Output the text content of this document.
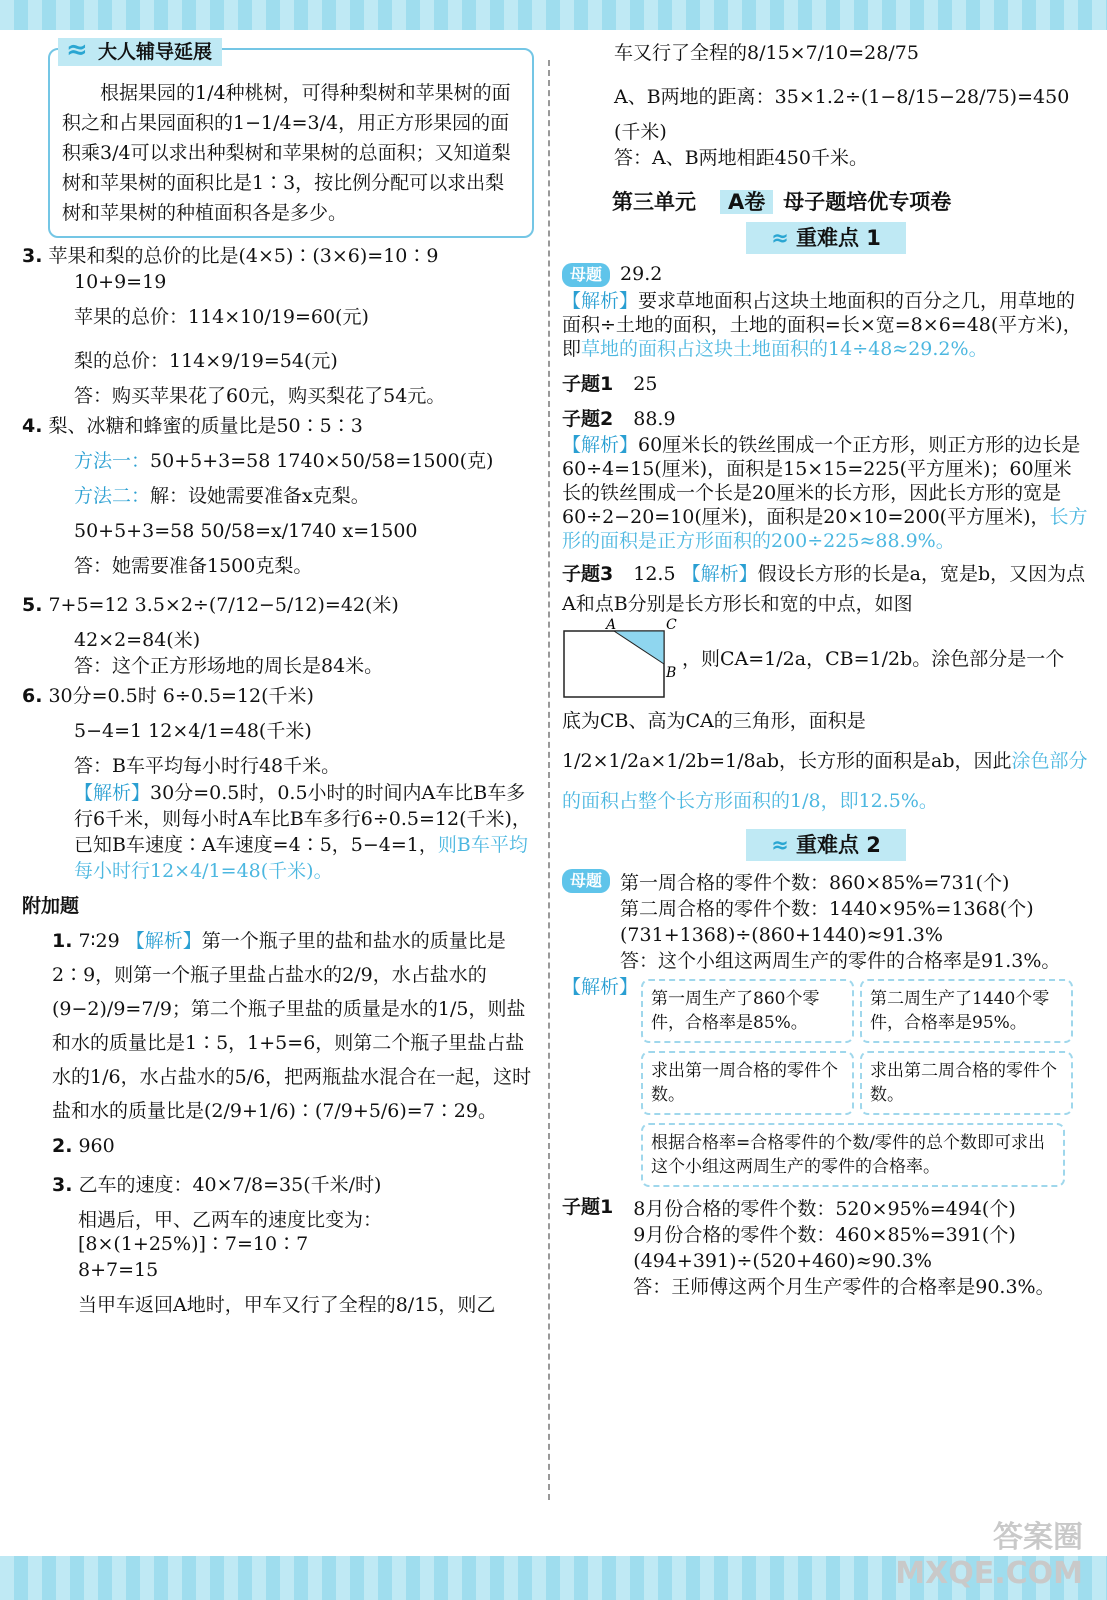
≈ 大人辅导延展

根据果园的1/4种桃树，可得种梨树和苹果树的面积之和占果园面积的1−1/4=3/4，用正方形果园的面积乘3/4可以求出种梨树和苹果树的总面积；又知道梨树和苹果树的面积比是1∶3，按比例分配可以求出梨树和苹果树的种植面积各是多少。

3. 苹果和梨的总价的比是(4×5)∶(3×6)=10∶9
10+9=19
苹果的总价：114×10/19=60(元)
梨的总价：114×9/19=54(元)
答：购买苹果花了60元，购买梨花了54元。
4. 梨、冰糖和蜂蜜的质量比是50∶5∶3
方法一：50+5+3=58 1740×50/58=1500(克)
方法二：解：设她需要准备x克梨。
50+5+3=58 50/58=x/1740 x=1500
答：她需要准备1500克梨。
5. 7+5=12 3.5×2÷(7/12−5/12)=42(米)
42×2=84(米)
答：这个正方形场地的周长是84米。
6. 30分=0.5时 6÷0.5=12(千米)
5−4=1 12×4/1=48(千米)
答：B车平均每小时行48千米。
【解析】30分=0.5时，0.5小时的时间内A车比B车多行6千米，则每小时A车比B车多行6÷0.5=12(千米)，已知B车速度∶A车速度=4∶5，5−4=1，则B车平均每小时行12×4/1=48(千米)。
附加题
1. 7∶29 【解析】第一个瓶子里的盐和盐水的质量比是2∶9，则第一个瓶子里盐占盐水的2/9，水占盐水的(9−2)/9=7/9；第二个瓶子里盐的质量是水的1/5，则盐和水的质量比是1∶5，1+5=6，则第二个瓶子里盐占盐水的1/6，水占盐水的5/6，把两瓶盐水混合在一起，这时盐和水的质量比是(2/9+1/6)∶(7/9+5/6)=7∶29。
2. 960
3. 乙车的速度：40×7/8=35(千米/时)
相遇后，甲、乙两车的速度比变为：[8×(1+25%)]∶7=10∶7
8+7=15
当甲车返回A地时，甲车又行了全程的8/15，则乙
车又行了全程的8/15×7/10=28/75
A、B两地的距离：35×1.2÷(1−8/15−28/75)=450
(千米)
答：A、B两地相距450千米。
第三单元 A卷 母子题培优专项卷
≈ 重难点 1
母题 29.2
【解析】要求草地面积占这块土地面积的百分之几，用草地的面积÷土地的面积，土地的面积=长×宽=8×6=48(平方米)，即草地的面积占这块土地面积的14÷48≈29.2%。
子题1 25
子题2 88.9
【解析】60厘米长的铁丝围成一个正方形，则正方形的边长是60÷4=15(厘米)，面积是15×15=225(平方厘米)；60厘米长的铁丝围成一个长是20厘米的长方形，因此长方形的宽是60÷2−20=10(厘米)，面积是20×10=200(平方厘米)，长方形的面积是正方形面积的200÷225≈88.9%。
子题3 12.5 【解析】假设长方形的长是a，宽是b，又因为点A和点B分别是长方形长和宽的中点，如图
A	C
B
，则CA=1/2a，CB=1/2b。涂色部分是一个
底为CB、高为CA的三角形，面积是1/2×1/2a×1/2b=1/8ab，长方形的面积是ab，因此涂色部分的面积占整个长方形面积的1/8，即12.5%。
≈ 重难点 2
母题 第一周合格的零件个数：860×85%=731(个)
第二周合格的零件个数：1440×95%=1368(个)
(731+1368)÷(860+1440)≈91.3%
答：这个小组这两周生产的零件的合格率是91.3%。
【解析】
第一周生产了860个零件，合格率是85%。第二周生产了1440个零件，合格率是95%。 求出第一周合格的零件个数。求出第二周合格的零件个数。 根据合格率=合格零件的个数/零件的总个数即可求出这个小组这两周生产的零件的合格率。
子题1 8月份合格的零件个数：520×95%=494(个)
9月份合格的零件个数：460×85%=391(个)
(494+391)÷(520+460)≈90.3%
答：王师傅这两个月生产零件的合格率是90.3%。
答案圈
MXQE.COM
